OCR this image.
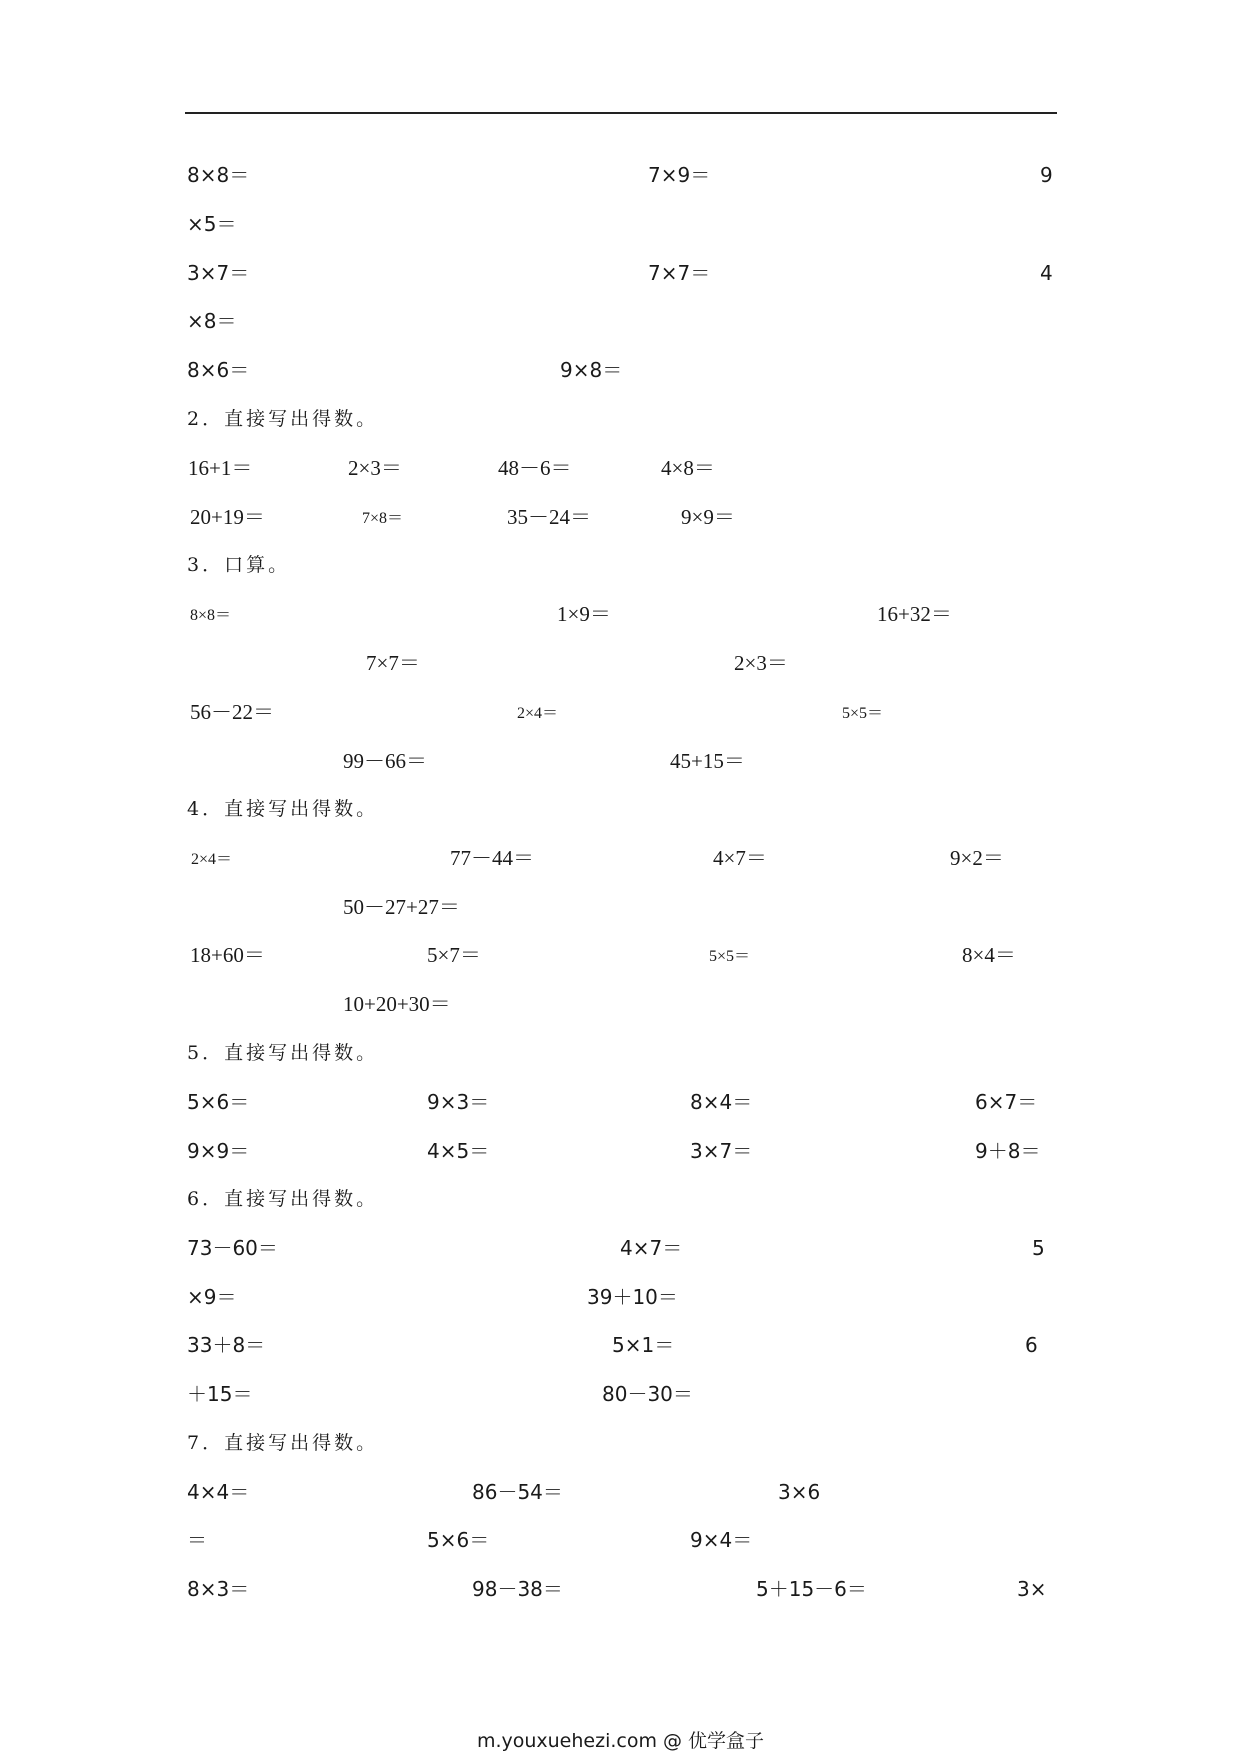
8×8＝	7×9＝	9
×5＝
3×7＝	7×7＝	4
×8＝
8×6＝	9×8＝
2．直接写出得数。
16+1＝	2×3＝	48－6＝	4×8＝
20+19＝	7×8＝	35－24＝	9×9＝
3．口算。
8×8＝	1×9＝	16+32＝
7×7＝	2×3＝
56－22＝	2×4＝	5×5＝
99－66＝	45+15＝
4．直接写出得数。
2×4＝	77－44＝	4×7＝	9×2＝
50－27+27＝
18+60＝	5×7＝	5×5＝	8×4＝
10+20+30＝
5．直接写出得数。
5×6＝	9×3＝	8×4＝	6×7＝
9×9＝	4×5＝	3×7＝	9＋8＝
6．直接写出得数。
73－60＝	4×7＝	5
×9＝	39＋10＝
33＋8＝	5×1＝	6
＋15＝	80－30＝
7．直接写出得数。
4×4＝	86－54＝	3×6
＝	5×6＝	9×4＝
8×3＝	98－38＝	5＋15－6＝	3×
m.youxuehezi.com @ 优学盒子
